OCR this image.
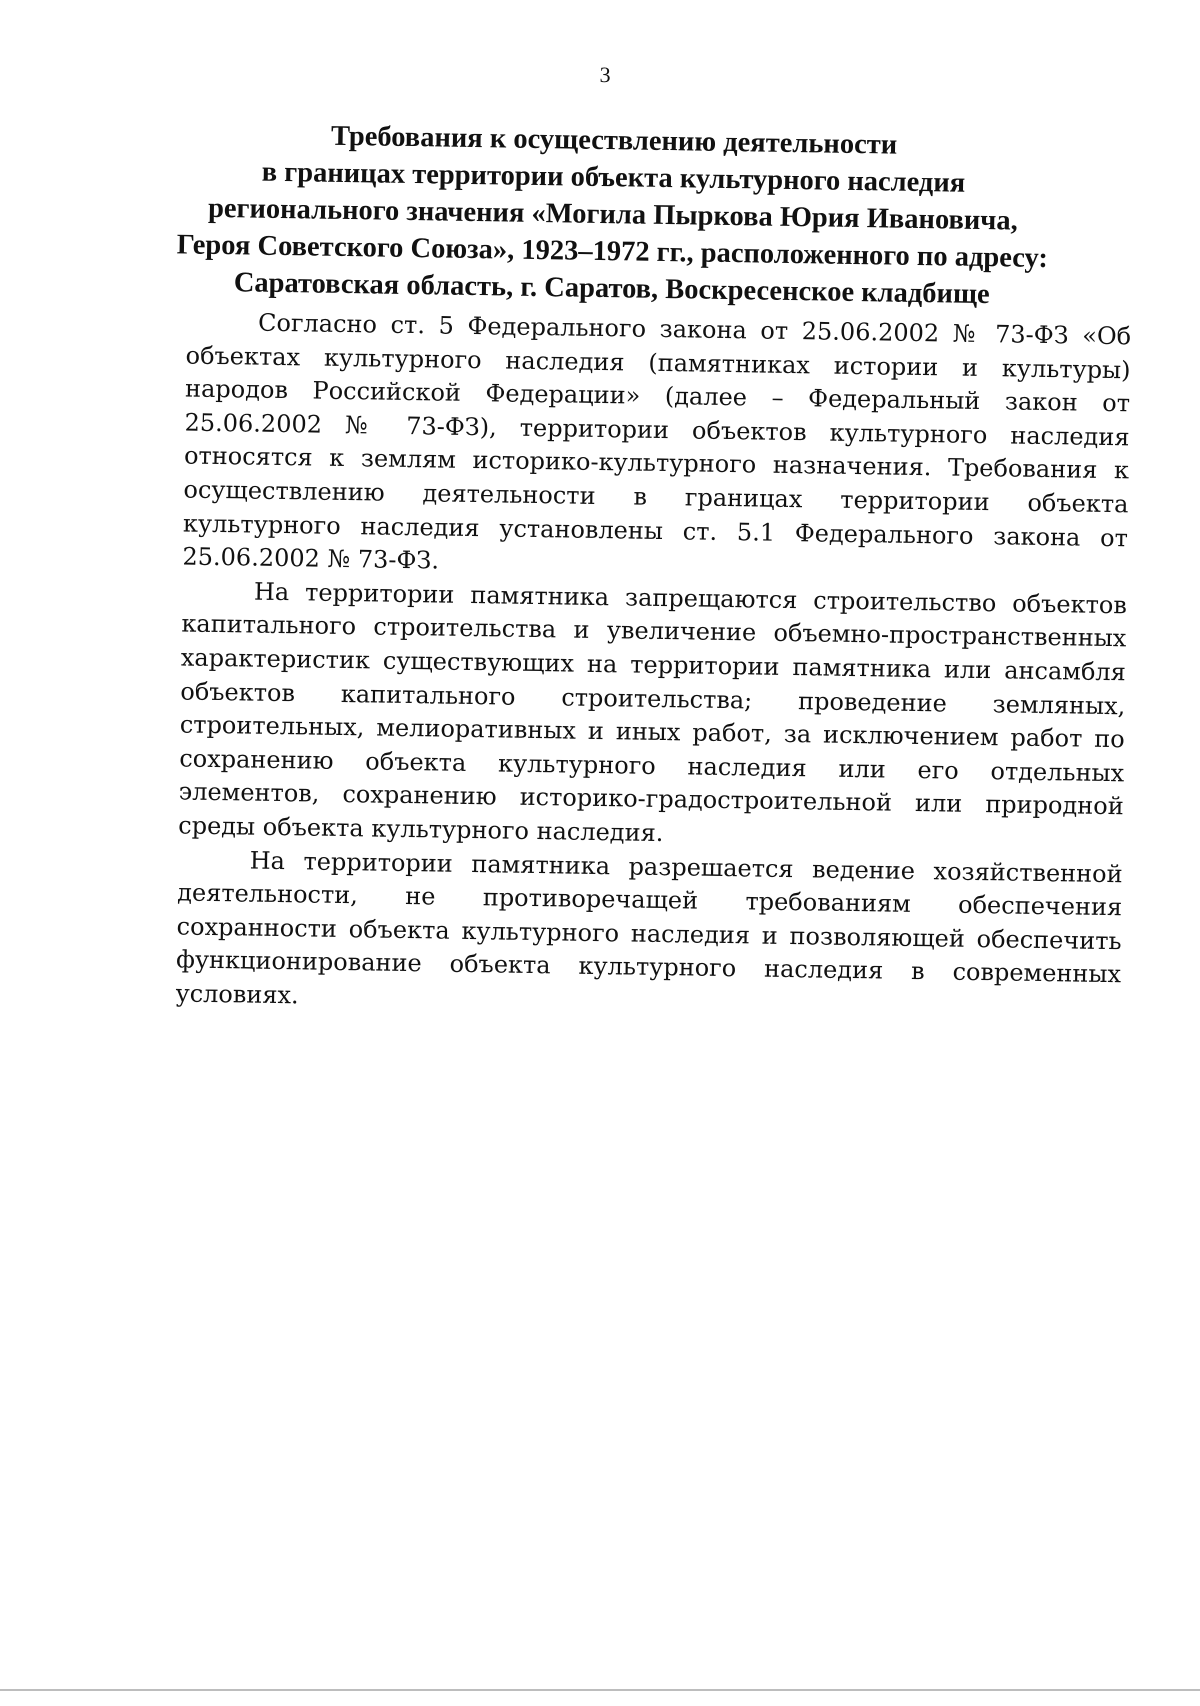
3
Требования к осуществлению деятельности
в границах территории объекта культурного наследия
регионального значения «Могила Пыркова Юрия Ивановича,
Героя Советского Союза», 1923–1972 гг., расположенного по адресу:
Саратовская область, г. Саратов, Воскресенское кладбище

Согласно ст. 5 Федерального закона от 25.06.2002 № 73-ФЗ «Об объектах культурного наследия (памятниках истории и культуры) народов Российской Федерации» (далее – Федеральный закон от 25.06.2002 № 73-ФЗ), территории объектов культурного наследия относятся к землям историко-культурного назначения. Требования к осуществлению деятельности в границах территории объекта культурного наследия установлены ст. 5.1 Федерального закона от 25.06.2002 № 73-ФЗ.

На территории памятника запрещаются строительство объектов капитального строительства и увеличение объемно-пространственных характеристик существующих на территории памятника или ансамбля объектов капитального строительства; проведение земляных, строительных, мелиоративных и иных работ, за исключением работ по сохранению объекта культурного наследия или его отдельных элементов, сохранению историко-градостроительной или природной среды объекта культурного наследия.

На территории памятника разрешается ведение хозяйственной деятельности, не противоречащей требованиям обеспечения сохранности объекта культурного наследия и позволяющей обеспечить функционирование объекта культурного наследия в современных условиях.
